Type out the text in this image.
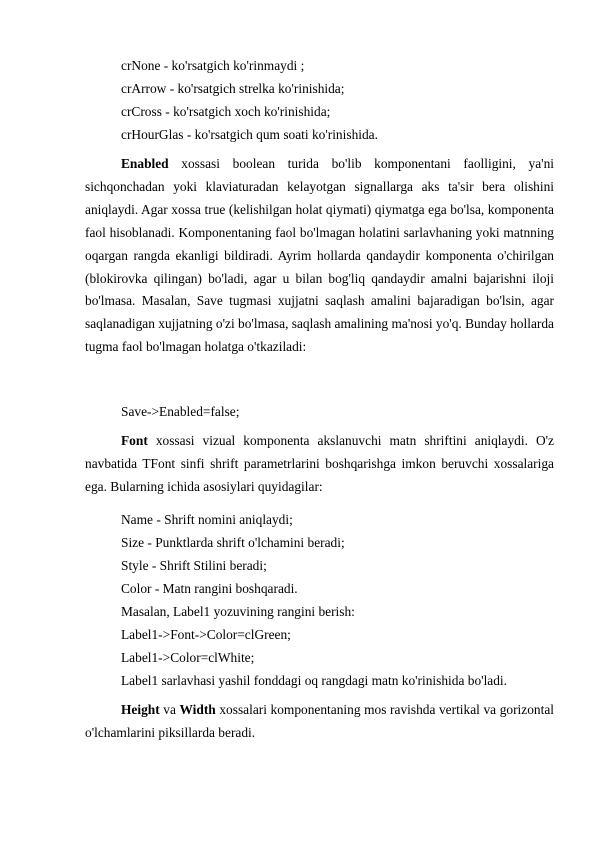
crNone - ko'rsatgich ko'rinmaydi ;
crArrow - ko'rsatgich strelka ko'rinishida;
crCross - ko'rsatgich xoch ko'rinishida;
crHourGlas - ko'rsatgich qum soati ko'rinishida.
Enabled xossasi boolean turida bo'lib komponentani faolligini, ya'ni sichqonchadan yoki klaviaturadan kelayotgan signallarga aks ta'sir bera olishini aniqlaydi. Agar xossa true (kelishilgan holat qiymati) qiymatga ega bo'lsa, komponenta faol hisoblanadi. Komponentaning faol bo'lmagan holatini sarlavhaning yoki matnning oqargan rangda ekanligi bildiradi. Ayrim hollarda qandaydir komponenta o'chirilgan (blokirovka qilingan) bo'ladi, agar u bilan bog'liq qandaydir amalni bajarishni iloji bo'lmasa. Masalan, Save tugmasi xujjatni saqlash amalini bajaradigan bo'lsin, agar saqlanadigan xujjatning o'zi bo'lmasa, saqlash amalining ma'nosi yo'q. Bunday hollarda tugma faol bo'lmagan holatga o'tkaziladi:
Save->Enabled=false;
Font xossasi vizual komponenta akslanuvchi matn shriftini aniqlaydi. O'z navbatida TFont sinfi shrift parametrlarini boshqarishga imkon beruvchi xossalariga ega. Bularning ichida asosiylari quyidagilar:
Name - Shrift nomini aniqlaydi;
Size - Punktlarda shrift o'lchamini beradi;
Style - Shrift Stilini beradi;
Color - Matn rangini boshqaradi.
Masalan, Label1 yozuvining rangini berish:
Label1->Font->Color=clGreen;
Label1->Color=clWhite;
Label1 sarlavhasi yashil fonddagi oq rangdagi matn ko'rinishida bo'ladi.
Height va Width xossalari komponentaning mos ravishda vertikal va gorizontal o'lchamlarini piksillarda beradi.
